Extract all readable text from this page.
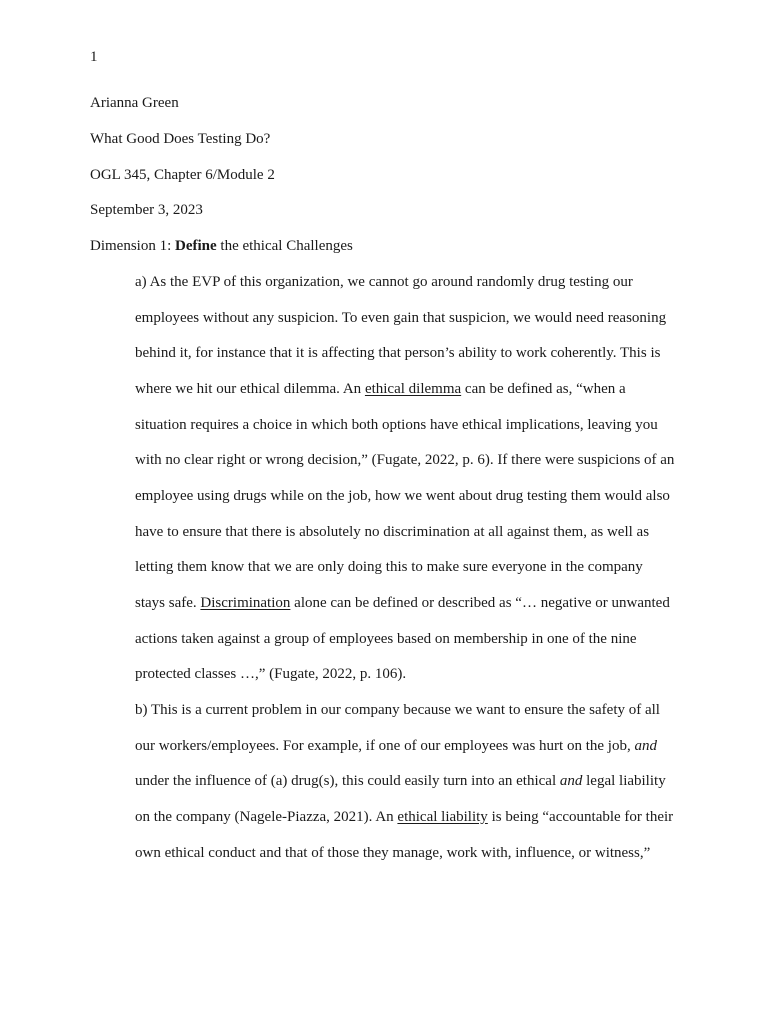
1
Arianna Green
What Good Does Testing Do?
OGL 345, Chapter 6/Module 2
September 3, 2023
Dimension 1: Define the ethical Challenges
a) As the EVP of this organization, we cannot go around randomly drug testing our
employees without any suspicion. To even gain that suspicion, we would need reasoning
behind it, for instance that it is affecting that person’s ability to work coherently. This is
where we hit our ethical dilemma. An ethical dilemma can be defined as, “when a
situation requires a choice in which both options have ethical implications, leaving you
with no clear right or wrong decision,” (Fugate, 2022, p. 6). If there were suspicions of an
employee using drugs while on the job, how we went about drug testing them would also
have to ensure that there is absolutely no discrimination at all against them, as well as
letting them know that we are only doing this to make sure everyone in the company
stays safe. Discrimination alone can be defined or described as “… negative or unwanted
actions taken against a group of employees based on membership in one of the nine
protected classes …,” (Fugate, 2022, p. 106).
b) This is a current problem in our company because we want to ensure the safety of all
our workers/employees. For example, if one of our employees was hurt on the job, and
under the influence of (a) drug(s), this could easily turn into an ethical and legal liability
on the company (Nagele-Piazza, 2021). An ethical liability is being “accountable for their
own ethical conduct and that of those they manage, work with, influence, or witness,”
